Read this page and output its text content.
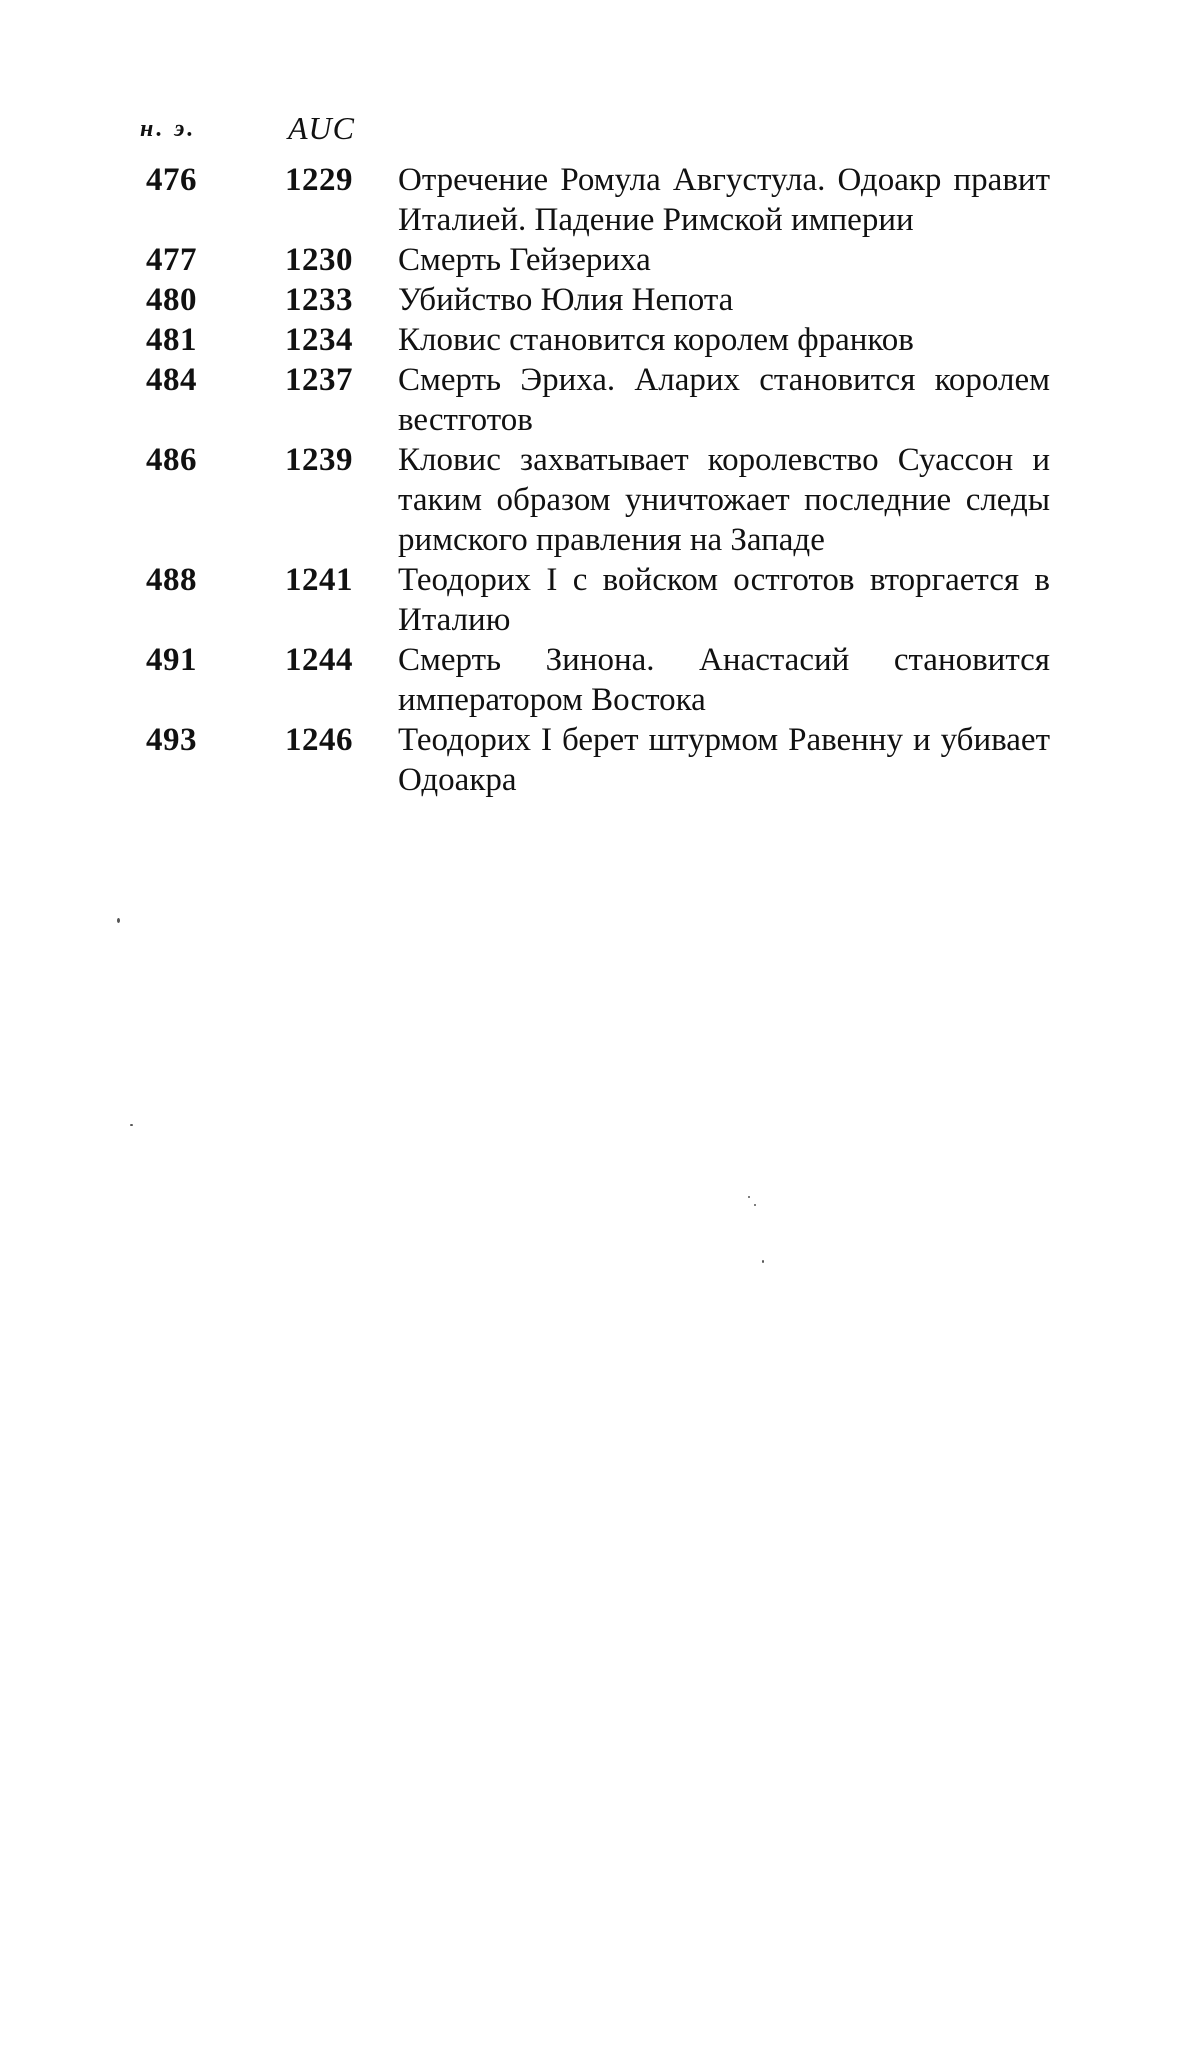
н. э.	AUC
476	1229	Отречение Ромула Августула. Одоакр правит Италией. Падение Римской империи
477	1230	Смерть Гейзериха
480	1233	Убийство Юлия Непота
481	1234	Кловис становится королем франков
484	1237	Смерть Эриха. Аларих становится королем вестготов
486	1239	Кловис захватывает королевство Суассон и таким образом уничтожает последние следы римского правления на Западе
488	1241	Теодорих I с войском остготов вторгается в Италию
491	1244	Смерть Зинона. Анастасий становится императором Востока
493	1246	Теодорих I берет штурмом Равенну и убивает Одоакра
